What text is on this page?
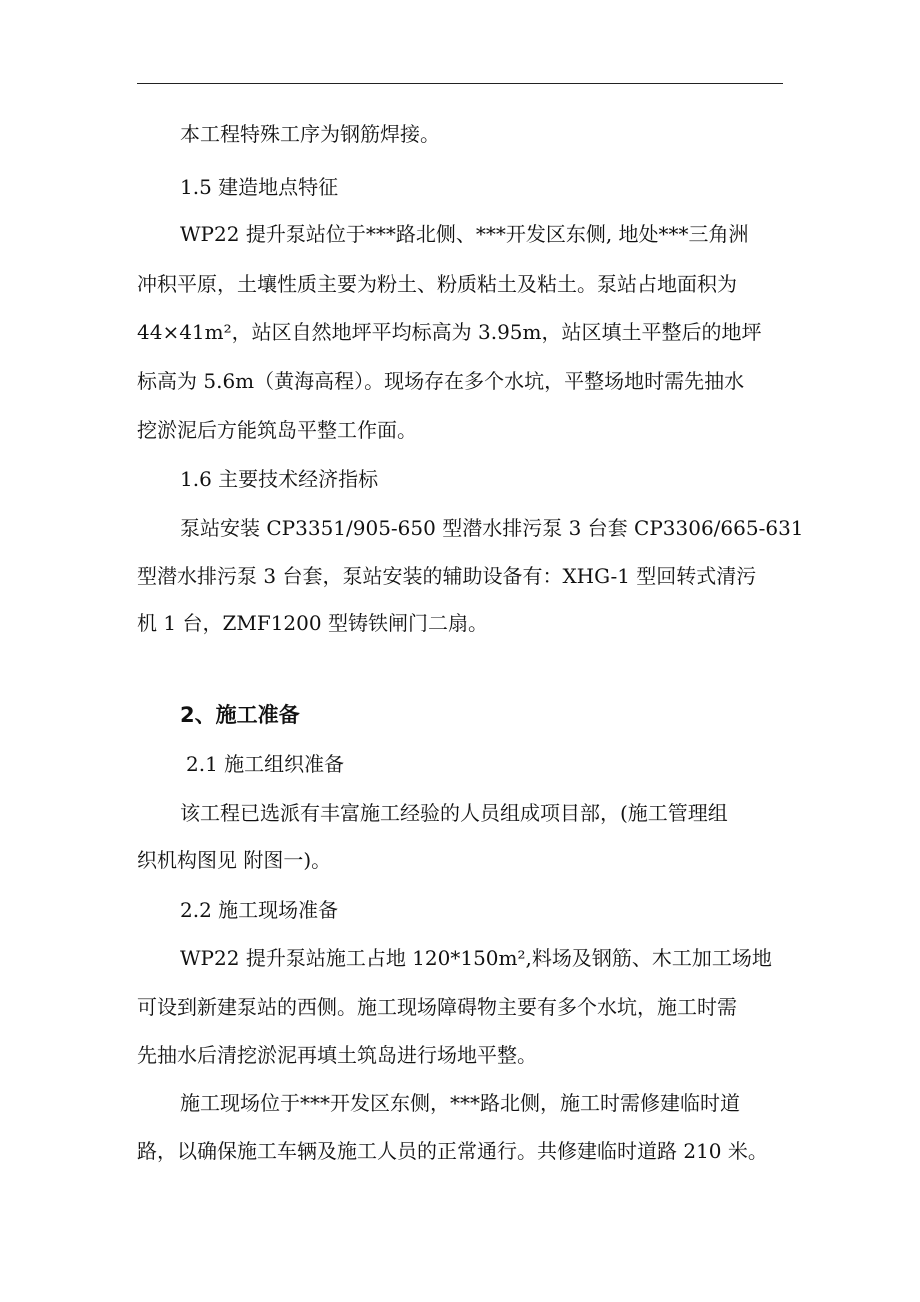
本工程特殊工序为钢筋焊接。
1.5 建造地点特征
WP22 提升泵站位于***路北侧、***开发区东侧, 地处***三角洲
冲积平原，土壤性质主要为粉土、粉质粘土及粘土。泵站占地面积为
44×41m²，站区自然地坪平均标高为 3.95m，站区填土平整后的地坪
标高为 5.6m（黄海高程）。现场存在多个水坑，平整场地时需先抽水
挖淤泥后方能筑岛平整工作面。
1.6 主要技术经济指标
泵站安装 CP3351/905-650 型潜水排污泵 3 台套 CP3306/665-631
型潜水排污泵 3 台套，泵站安装的辅助设备有：XHG-1 型回转式清污
机 1 台，ZMF1200 型铸铁闸门二扇。
2、施工准备
2.1 施工组织准备
该工程已选派有丰富施工经验的人员组成项目部，(施工管理组
织机构图见 附图一)。
2.2 施工现场准备
WP22 提升泵站施工占地 120*150m²,料场及钢筋、木工加工场地
可设到新建泵站的西侧。施工现场障碍物主要有多个水坑，施工时需
先抽水后清挖淤泥再填土筑岛进行场地平整。
施工现场位于***开发区东侧，***路北侧，施工时需修建临时道
路，以确保施工车辆及施工人员的正常通行。共修建临时道路 210 米。
